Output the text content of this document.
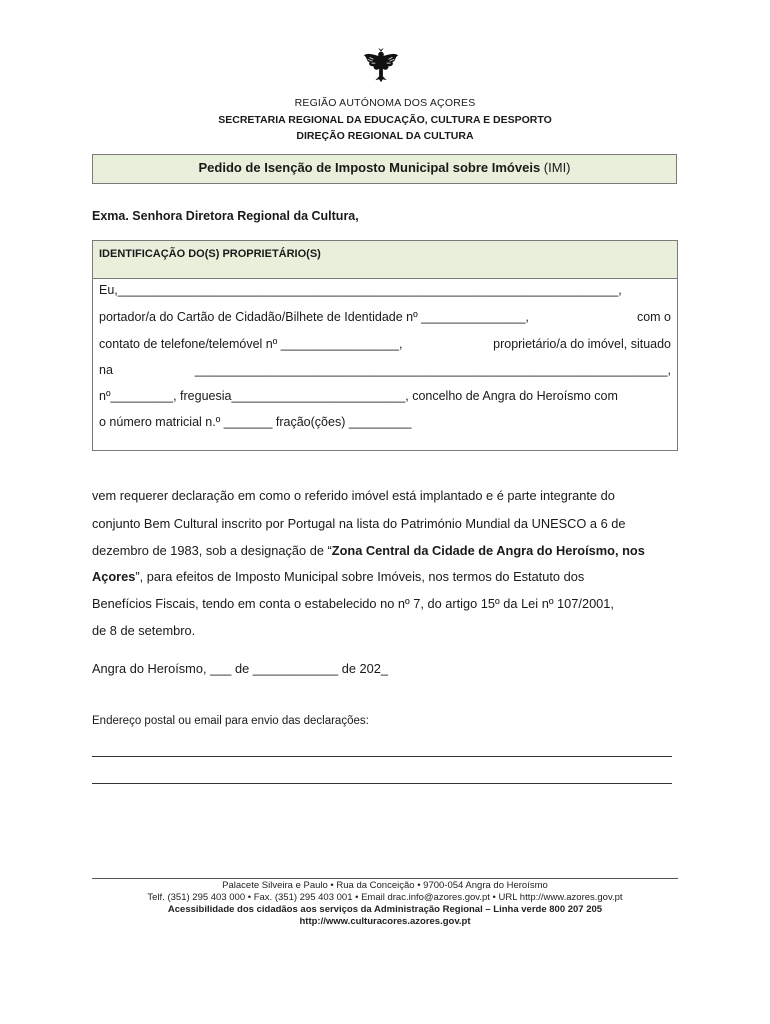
REGIÃO AUTÓNOMA DOS AÇORES
SECRETARIA REGIONAL DA EDUCAÇÃO, CULTURA E DESPORTO
DIREÇÃO REGIONAL DA CULTURA
Pedido de Isenção de Imposto Municipal sobre Imóveis (IMI)
Exma. Senhora Diretora Regional da Cultura,
IDENTIFICAÇÃO DO(S) PROPRIETÁRIO(S)
Eu,________________________________________________________________________,
portador/a do Cartão de Cidadão/Bilhete de Identidade nº _______________,	com o
contato de telefone/telemóvel nº _________________,	proprietário/a do imóvel, situado
na	____________________________________________________________________,
nº_________, freguesia_________________________, concelho de Angra do Heroísmo com
o número matricial n.º _______ fração(ções) _________
vem requerer declaração em como o referido imóvel está implantado e é parte integrante do
conjunto Bem Cultural inscrito por Portugal na lista do Património Mundial da UNESCO a 6 de
dezembro de 1983, sob a designação de “Zona Central da Cidade de Angra do Heroísmo, nos
Açores”, para efeitos de Imposto Municipal sobre Imóveis, nos termos do Estatuto dos
Benefícios Fiscais, tendo em conta o estabelecido no nº 7, do artigo 15º da Lei nº 107/2001,
de 8 de setembro.
Angra do Heroísmo, ___ de ____________ de 202_
Endereço postal ou email para envio das declarações:
Palacete Silveira e Paulo • Rua da Conceição • 9700-054 Angra do Heroísmo
Telf. (351) 295 403 000 • Fax. (351) 295 403 001 • Email drac.info@azores.gov.pt • URL http://www.azores.gov.pt
Acessibilidade dos cidadãos aos serviços da Administração Regional – Linha verde 800 207 205
http://www.culturacores.azores.gov.pt
